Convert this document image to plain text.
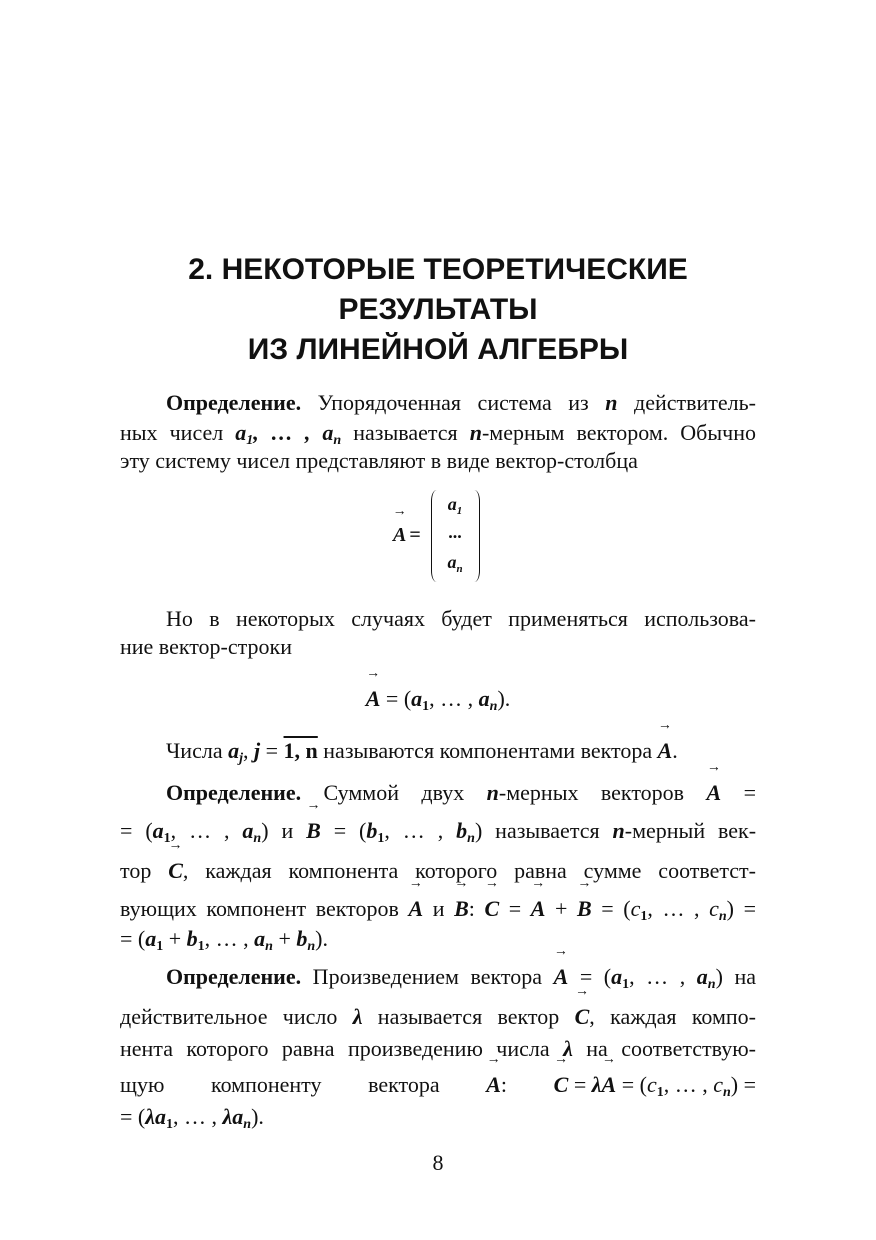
2. НЕКОТОРЫЕ ТЕОРЕТИЧЕСКИЕ
РЕЗУЛЬТАТЫ
ИЗ ЛИНЕЙНОЙ АЛГЕБРЫ
Определение. Упорядоченная система из n действитель-
ных чисел $a_1$, … , $a_n$ называется n-мерным вектором. Обычно
эту систему чисел представляют в виде вектор-столбца
→ A =
$a_1$
...
$a_n$
Но в некоторых случаях будет применяться использова-
ние вектор-строки
→ $A = (a_1$, … , $a_n$).
Числа $a_j$, j = 1, n называются компонентами вектора → A.
Определение. Суммой двух n-мерных векторов → A =
= ($a_1$, … , $a_n$) $и \to B = (b_1$, … , $b_n$) называется n-мерный век-
тор → C, каждая компонента которого равна сумме соответст-
вующих компонент векторов → A и → B: → C = → A + → $B = (c_1$, … , $c_n$) =
= ($a_1 + b_1$, … , $a_n + b_n$).
Определение. Произведением вектора → $A = (a_1$, … , $a_n$) на
действительное число λ называется вектор → C, каждая компо-
нента которого равна произведению числа λ на соответствую-
щую компоненту вектора → A: → $C = \lambda\to A = (c_1$, … , $c_n$) =
= ($\lambda a_1$, … , $\lambda a_n$).
8
